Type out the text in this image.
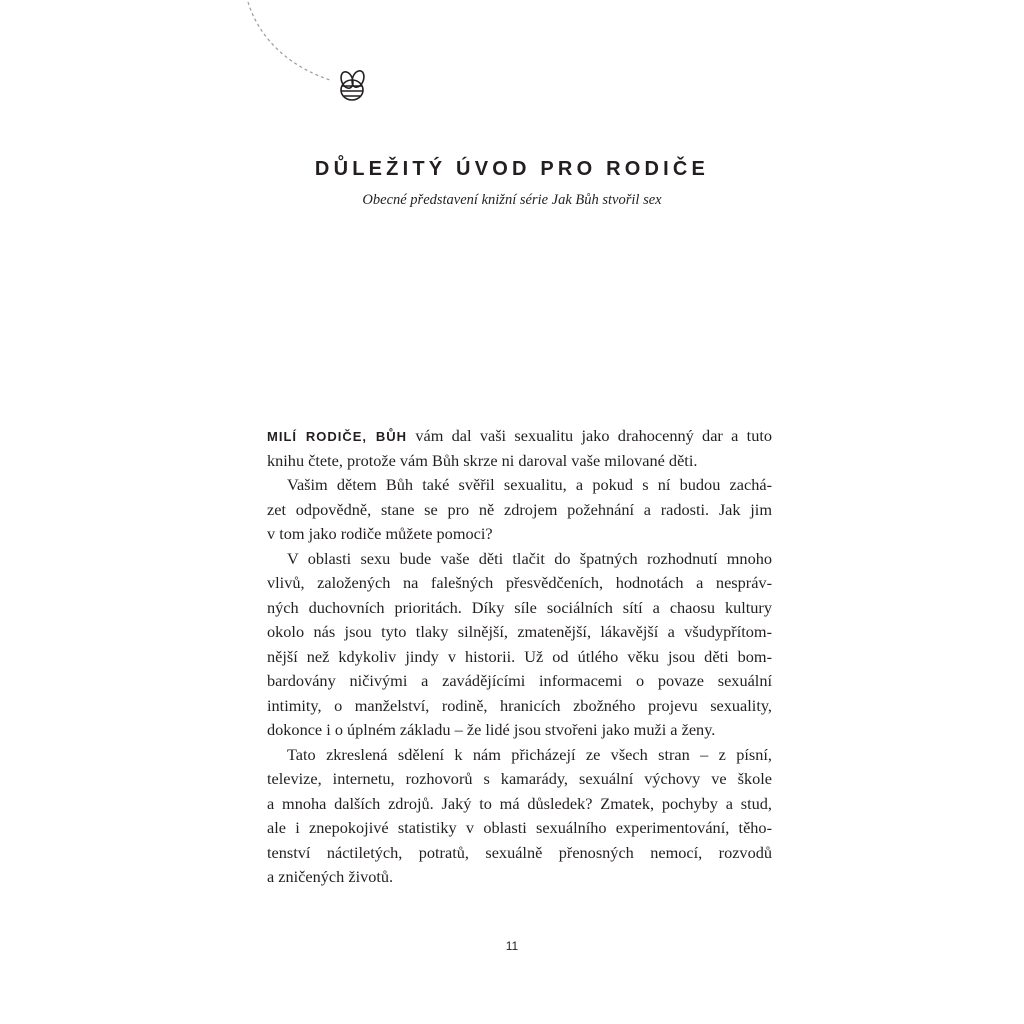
DŮLEŽITÝ ÚVOD PRO RODIČE
Obecné představení knižní série Jak Bůh stvořil sex
MILÍ RODIČE, BŮH vám dal vaši sexualitu jako drahocenný dar a tuto
knihu čtete, protože vám Bůh skrze ni daroval vaše milované děti.
Vašim dětem Bůh také svěřil sexualitu, a pokud s ní budou zachá-
zet odpovědně, stane se pro ně zdrojem požehnání a radosti. Jak jim
v tom jako rodiče můžete pomoci?
V oblasti sexu bude vaše děti tlačit do špatných rozhodnutí mnoho
vlivů, založených na falešných přesvědčeních, hodnotách a nespráv-
ných duchovních prioritách. Díky síle sociálních sítí a chaosu kultury
okolo nás jsou tyto tlaky silnější, zmatenější, lákavější a všudypřítom-
nější než kdykoliv jindy v historii. Už od útlého věku jsou děti bom-
bardovány ničivými a zavádějícími informacemi o povaze sexuální
intimity, o manželství, rodině, hranicích zbožného projevu sexuality,
dokonce i o úplném základu – že lidé jsou stvořeni jako muži a ženy.
Tato zkreslená sdělení k nám přicházejí ze všech stran – z písní,
televize, internetu, rozhovorů s kamarády, sexuální výchovy ve škole
a mnoha dalších zdrojů. Jaký to má důsledek? Zmatek, pochyby a stud,
ale i znepokojivé statistiky v oblasti sexuálního experimentování, těho-
tenství náctiletých, potratů, sexuálně přenosných nemocí, rozvodů
a zničených životů.
11
